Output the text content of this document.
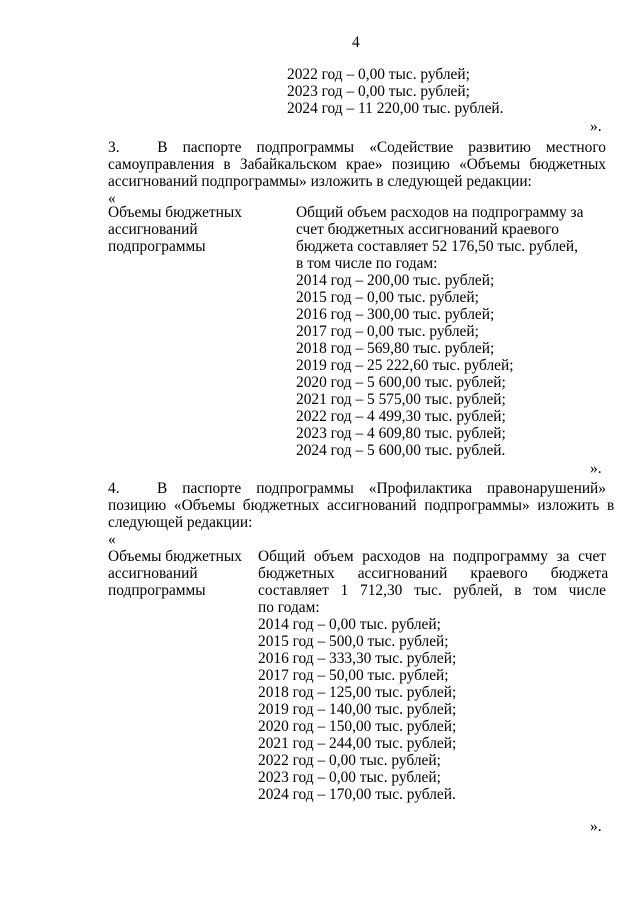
4
2022 год – 0,00 тыс. рублей;
2023 год – 0,00 тыс. рублей;
2024 год – 11 220,00 тыс. рублей.
».
3.     В  паспорте  подпрограммы  «Содействие  развитию  местного
самоуправления  в  Забайкальском  крае»  позицию  «Объемы  бюджетных
ассигнований подпрограммы» изложить в следующей редакции:
«
Объемы бюджетных
ассигнований
подпрограммы
Общий объем расходов на подпрограмму за
счет бюджетных ассигнований краевого
бюджета составляет 52 176,50 тыс. рублей,
в том числе по годам:
2014 год – 200,00 тыс. рублей;
2015 год – 0,00 тыс. рублей;
2016 год – 300,00 тыс. рублей;
2017 год – 0,00 тыс. рублей;
2018 год – 569,80 тыс. рублей;
2019 год – 25 222,60 тыс. рублей;
2020 год – 5 600,00 тыс. рублей;
2021 год – 5 575,00 тыс. рублей;
2022 год – 4 499,30 тыс. рублей;
2023 год – 4 609,80 тыс. рублей;
2024 год – 5 600,00 тыс. рублей.
».
4.     В  паспорте  подпрограммы  «Профилактика  правонарушений»
позицию  «Объемы  бюджетных  ассигнований  подпрограммы»  изложить  в
следующей редакции:
«
Объемы бюджетных
ассигнований
подпрограммы
Общий объем расходов на подпрограмму за счет
бюджетных      ассигнований      краевого      бюджета
составляет  1  712,30  тыс.  рублей,  в  том  числе
по годам:
2014 год – 0,00 тыс. рублей;
2015 год – 500,0 тыс. рублей;
2016 год – 333,30 тыс. рублей;
2017 год – 50,00 тыс. рублей;
2018 год – 125,00 тыс. рублей;
2019 год – 140,00 тыс. рублей;
2020 год – 150,00 тыс. рублей;
2021 год – 244,00 тыс. рублей;
2022 год – 0,00 тыс. рублей;
2023 год – 0,00 тыс. рублей;
2024 год – 170,00 тыс. рублей.
».
